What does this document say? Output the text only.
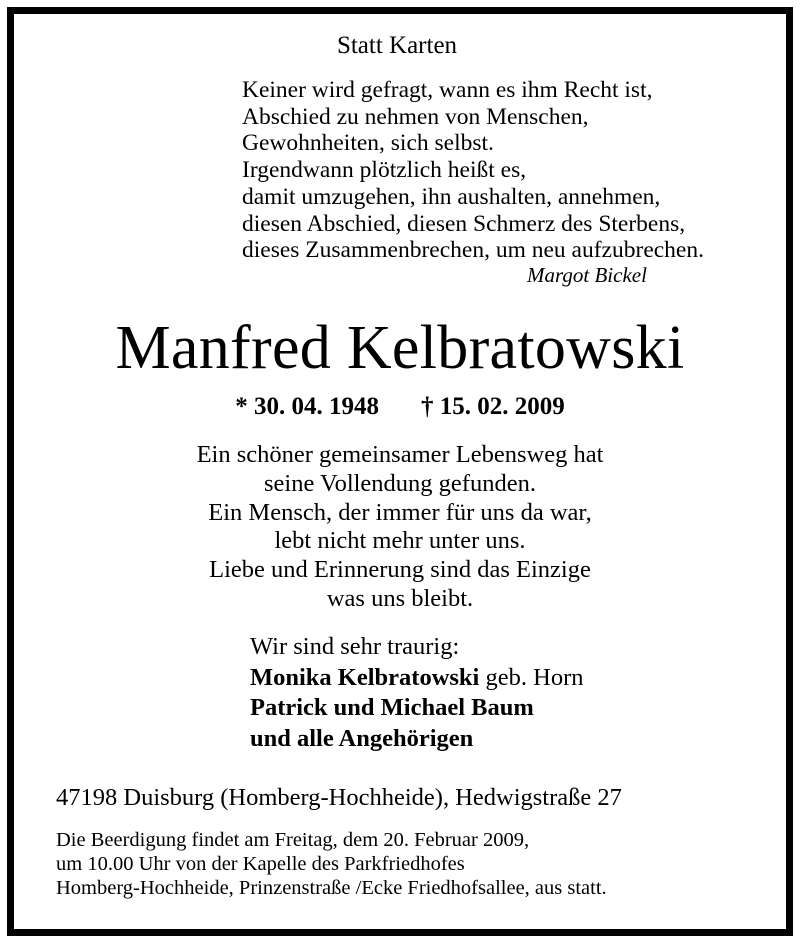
Statt Karten
Keiner wird gefragt, wann es ihm Recht ist,
Abschied zu nehmen von Menschen,
Gewohnheiten, sich selbst.
Irgendwann plötzlich heißt es,
damit umzugehen, ihn aushalten, annehmen,
diesen Abschied, diesen Schmerz des Sterbens,
dieses Zusammenbrechen, um neu aufzubrechen.
Margot Bickel
Manfred Kelbratowski
* 30. 04. 1948 † 15. 02. 2009
Ein schöner gemeinsamer Lebensweg hat
seine Vollendung gefunden.
Ein Mensch, der immer für uns da war,
lebt nicht mehr unter uns.
Liebe und Erinnerung sind das Einzige
was uns bleibt.
Wir sind sehr traurig:
Monika Kelbratowski geb. Horn
Patrick und Michael Baum
und alle Angehörigen
47198 Duisburg (Homberg-Hochheide), Hedwigstraße 27
Die Beerdigung findet am Freitag, dem 20. Februar 2009,
um 10.00 Uhr von der Kapelle des Parkfriedhofes
Homberg-Hochheide, Prinzenstraße /Ecke Friedhofsallee, aus statt.
